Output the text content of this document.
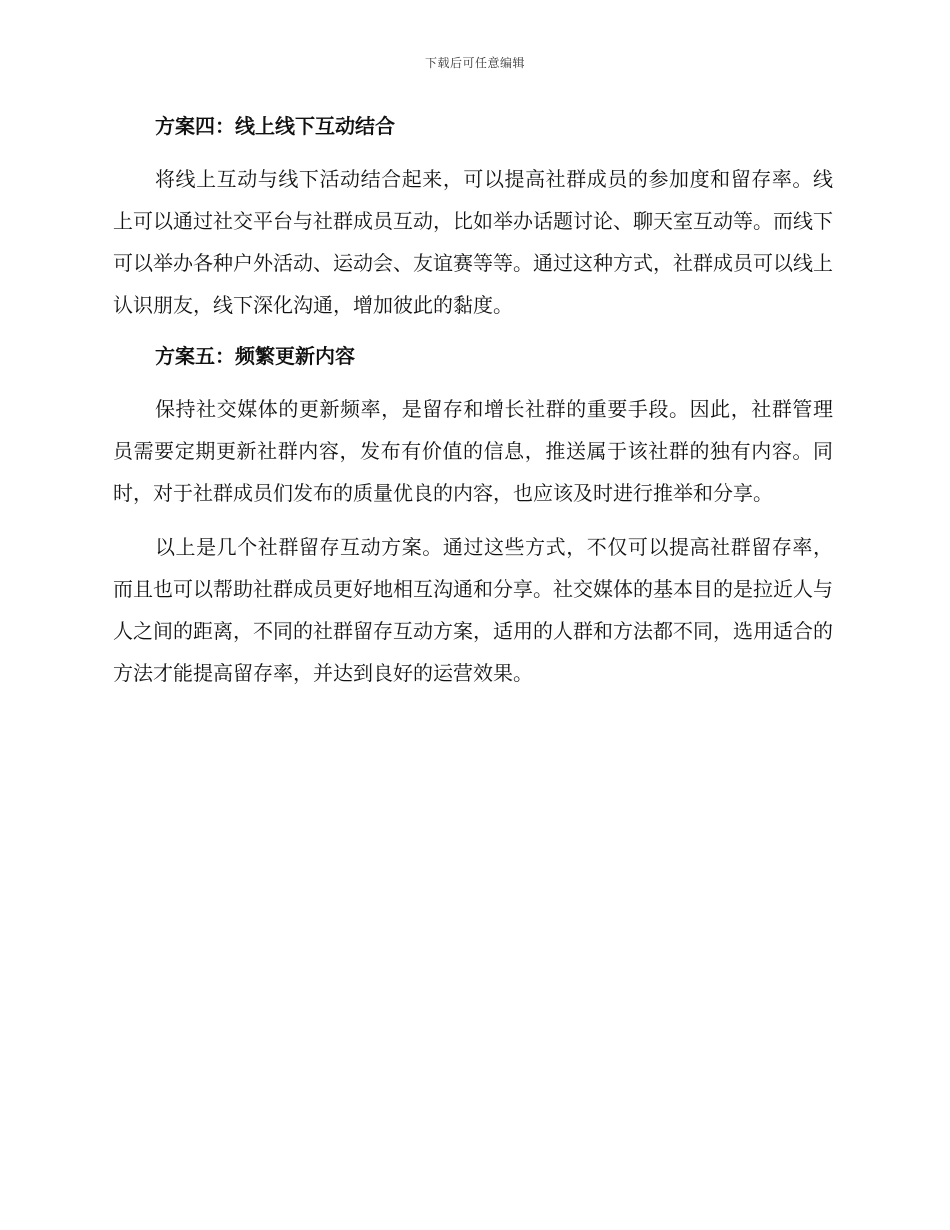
下载后可任意编辑
方案四：线上线下互动结合

将线上互动与线下活动结合起来，可以提高社群成员的参加度和留存率。线上可以通过社交平台与社群成员互动，比如举办话题讨论、聊天室互动等。而线下可以举办各种户外活动、运动会、友谊赛等等。通过这种方式，社群成员可以线上认识朋友，线下深化沟通，增加彼此的黏度。

方案五：频繁更新内容

保持社交媒体的更新频率，是留存和增长社群的重要手段。因此，社群管理员需要定期更新社群内容，发布有价值的信息，推送属于该社群的独有内容。同时，对于社群成员们发布的质量优良的内容，也应该及时进行推举和分享。

以上是几个社群留存互动方案。通过这些方式，不仅可以提高社群留存率，而且也可以帮助社群成员更好地相互沟通和分享。社交媒体的基本目的是拉近人与人之间的距离，不同的社群留存互动方案，适用的人群和方法都不同，选用适合的方法才能提高留存率，并达到良好的运营效果。
